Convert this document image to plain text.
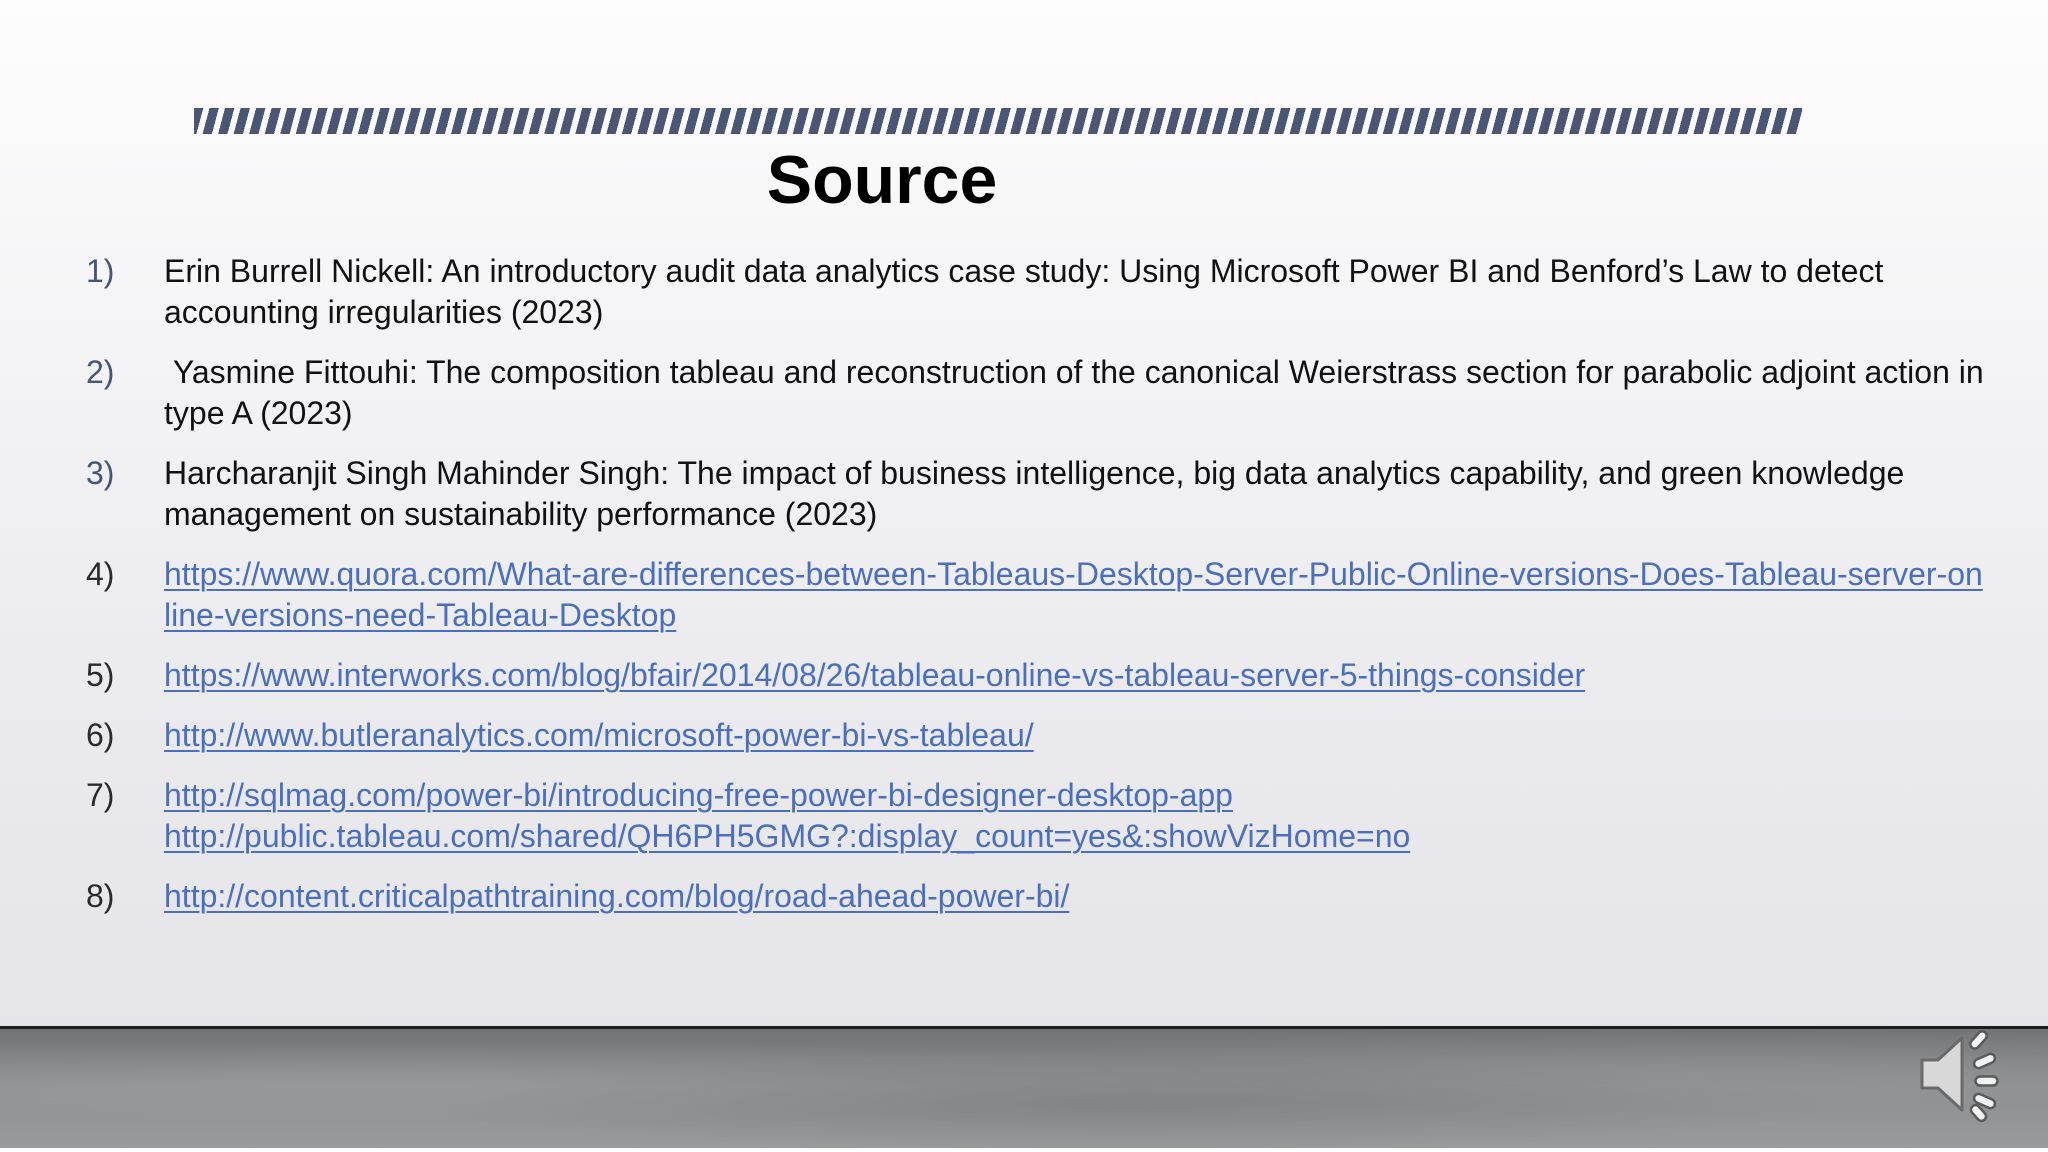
Source
1)	Erin Burrell Nickell: An introductory audit data analytics case study: Using Microsoft Power BI and Benford’s Law to detect accounting irregularities (2023)
2)	Yasmine Fittouhi: The composition tableau and reconstruction of the canonical Weierstrass section for parabolic adjoint action in type A (2023)
3)	Harcharanjit Singh Mahinder Singh: The impact of business intelligence, big data analytics capability, and green knowledge management on sustainability performance (2023)
4)	https://www.quora.com/What-are-differences-between-Tableaus-Desktop-Server-Public-Online-versions-Does-Tableau-server-online-versions-need-Tableau-Desktop
5)	https://www.interworks.com/blog/bfair/2014/08/26/tableau-online-vs-tableau-server-5-things-consider
6)	http://www.butleranalytics.com/microsoft-power-bi-vs-tableau/
7)	http://sqlmag.com/power-bi/introducing-free-power-bi-designer-desktop-app
http://public.tableau.com/shared/QH6PH5GMG?:display_count=yes&:showVizHome=no
8)	http://content.criticalpathtraining.com/blog/road-ahead-power-bi/
